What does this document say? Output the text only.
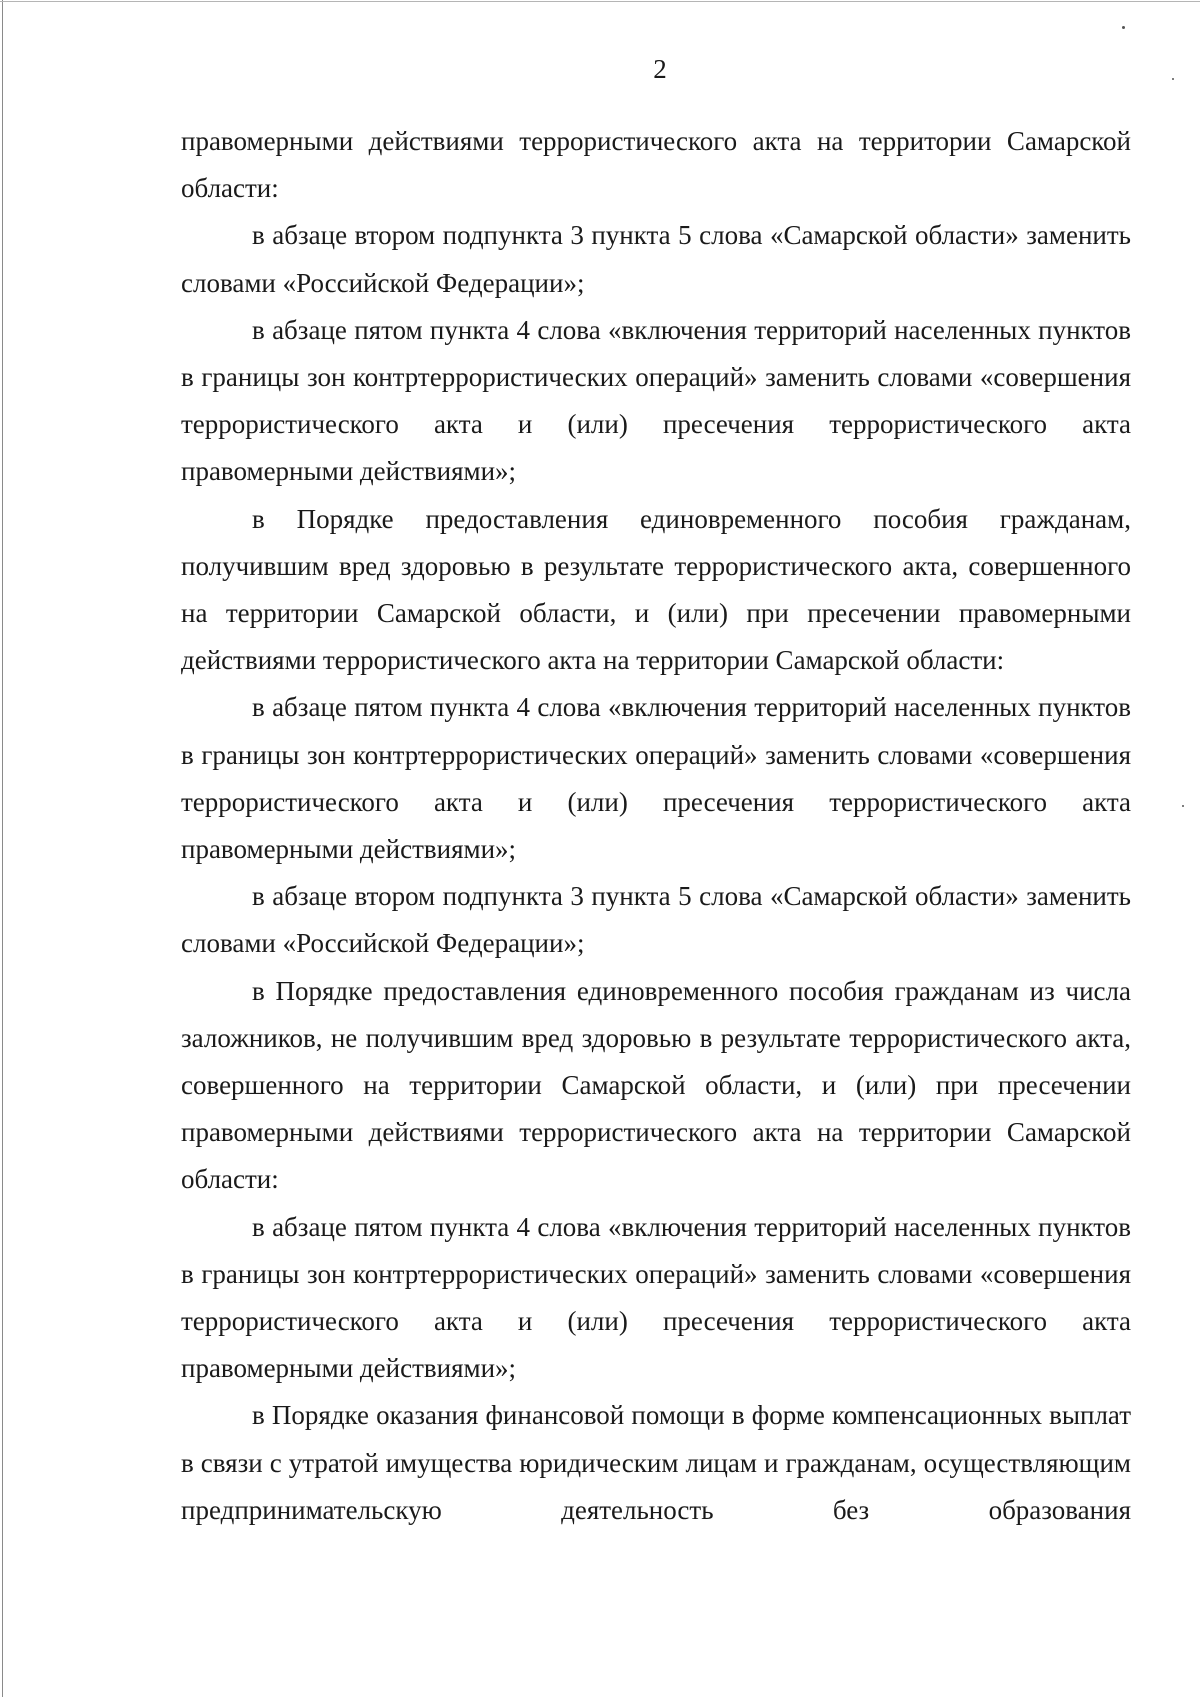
2

правомерными действиями террористического акта на территории Самарской области:

в абзаце втором подпункта 3 пункта 5 слова «Самарской области» заменить словами «Российской Федерации»;

в абзаце пятом пункта 4 слова «включения территорий населенных пунктов в границы зон контртеррористических операций» заменить словами «совершения террористического акта и (или) пресечения террористического акта правомерными действиями»;

в Порядке предоставления единовременного пособия гражданам, получившим вред здоровью в результате террористического акта, совершенного на территории Самарской области, и (или) при пресечении правомерными действиями террористического акта на территории Самарской области:

в абзаце пятом пункта 4 слова «включения территорий населенных пунктов в границы зон контртеррористических операций» заменить словами «совершения террористического акта и (или) пресечения террористического акта правомерными действиями»;

в абзаце втором подпункта 3 пункта 5 слова «Самарской области» заменить словами «Российской Федерации»;

в Порядке предоставления единовременного пособия гражданам из числа заложников, не получившим вред здоровью в результате террористического акта, совершенного на территории Самарской области, и (или) при пресечении правомерными действиями террористического акта на территории Самарской области:

в абзаце пятом пункта 4 слова «включения территорий населенных пунктов в границы зон контртеррористических операций» заменить словами «совершения террористического акта и (или) пресечения террористического акта правомерными действиями»;

в Порядке оказания финансовой помощи в форме компенсационных выплат в связи с утратой имущества юридическим лицам и гражданам, осуществляющим предпринимательскую деятельность без образования
